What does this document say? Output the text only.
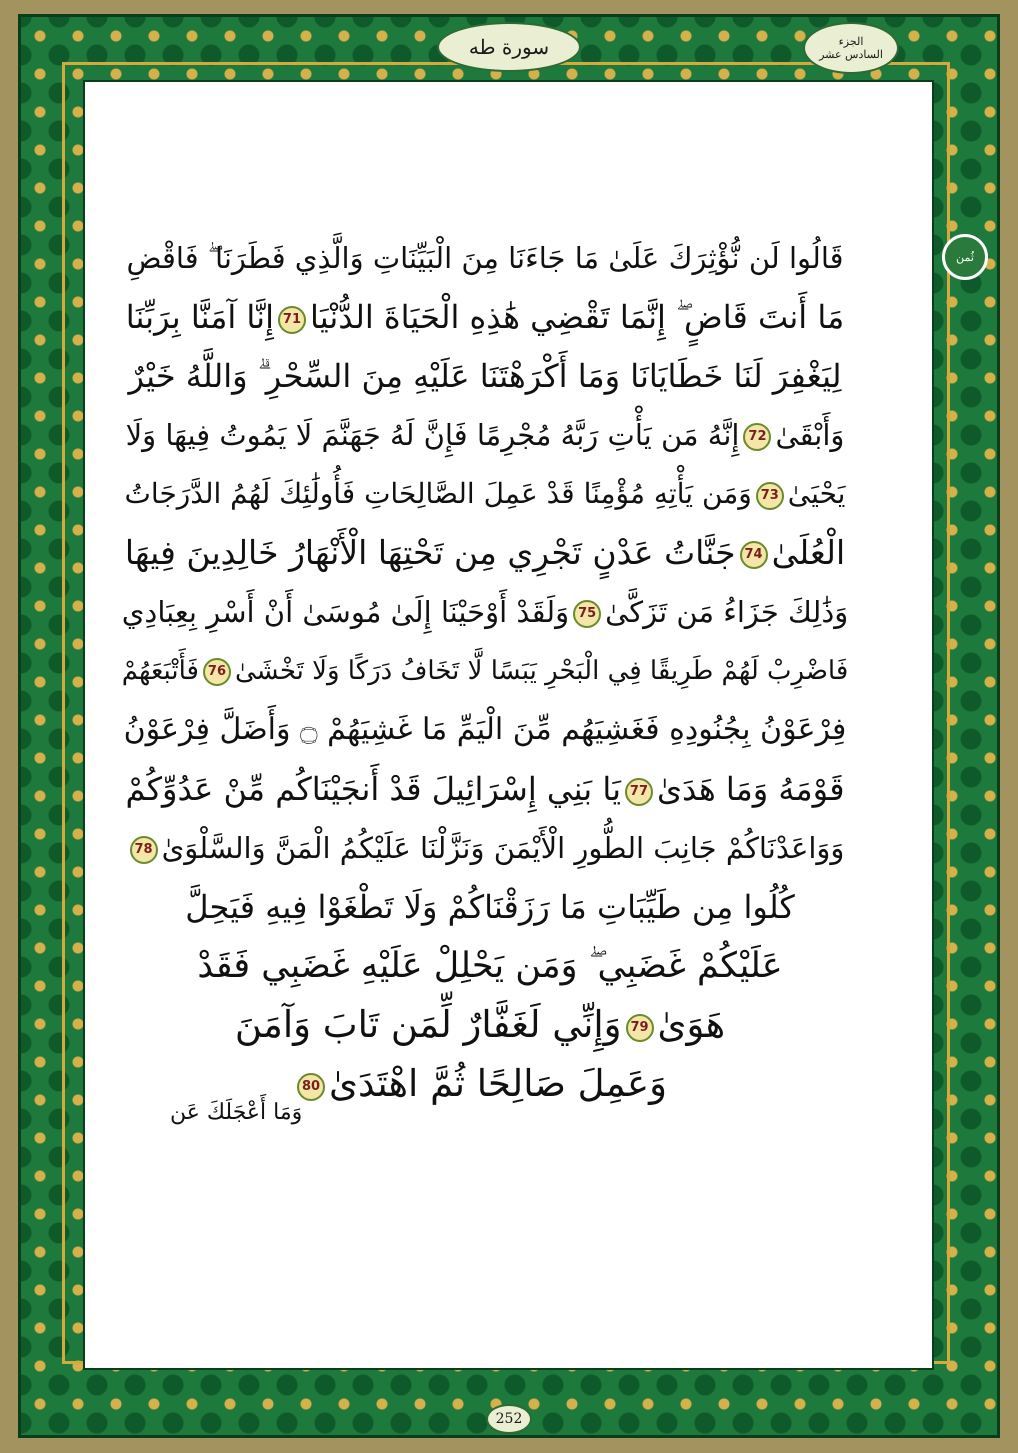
الجزء
السادس عشر
سورة طه
ثُمن
قَالُوا لَن نُّؤْثِرَكَ عَلَىٰ مَا جَاءَنَا مِنَ الْبَيِّنَاتِ وَالَّذِي فَطَرَنَا ۖ فَاقْضِ
مَا أَنتَ قَاضٍ ۖ إِنَّمَا تَقْضِي هَٰذِهِ الْحَيَاةَ الدُّنْيَا71إِنَّا آمَنَّا بِرَبِّنَا
لِيَغْفِرَ لَنَا خَطَايَانَا وَمَا أَكْرَهْتَنَا عَلَيْهِ مِنَ السِّحْرِ ۗ وَاللَّهُ خَيْرٌ
وَأَبْقَىٰ72إِنَّهُ مَن يَأْتِ رَبَّهُ مُجْرِمًا فَإِنَّ لَهُ جَهَنَّمَ لَا يَمُوتُ فِيهَا وَلَا
يَحْيَىٰ73وَمَن يَأْتِهِ مُؤْمِنًا قَدْ عَمِلَ الصَّالِحَاتِ فَأُولَٰئِكَ لَهُمُ الدَّرَجَاتُ
الْعُلَىٰ74جَنَّاتُ عَدْنٍ تَجْرِي مِن تَحْتِهَا الْأَنْهَارُ خَالِدِينَ فِيهَا
وَذَٰلِكَ جَزَاءُ مَن تَزَكَّىٰ75وَلَقَدْ أَوْحَيْنَا إِلَىٰ مُوسَىٰ أَنْ أَسْرِ بِعِبَادِي
فَاضْرِبْ لَهُمْ طَرِيقًا فِي الْبَحْرِ يَبَسًا لَّا تَخَافُ دَرَكًا وَلَا تَخْشَىٰ76فَأَتْبَعَهُمْ
فِرْعَوْنُ بِجُنُودِهِ فَغَشِيَهُم مِّنَ الْيَمِّ مَا غَشِيَهُمْ ۝ وَأَضَلَّ فِرْعَوْنُ
قَوْمَهُ وَمَا هَدَىٰ77يَا بَنِي إِسْرَائِيلَ قَدْ أَنجَيْنَاكُم مِّنْ عَدُوِّكُمْ
وَوَاعَدْنَاكُمْ جَانِبَ الطُّورِ الْأَيْمَنَ وَنَزَّلْنَا عَلَيْكُمُ الْمَنَّ وَالسَّلْوَىٰ78
كُلُوا مِن طَيِّبَاتِ مَا رَزَقْنَاكُمْ وَلَا تَطْغَوْا فِيهِ فَيَحِلَّ
عَلَيْكُمْ غَضَبِي ۖ وَمَن يَحْلِلْ عَلَيْهِ غَضَبِي فَقَدْ
هَوَىٰ79وَإِنِّي لَغَفَّارٌ لِّمَن تَابَ وَآمَنَ
وَعَمِلَ صَالِحًا ثُمَّ اهْتَدَىٰ80
وَمَا أَعْجَلَكَ عَن
252
